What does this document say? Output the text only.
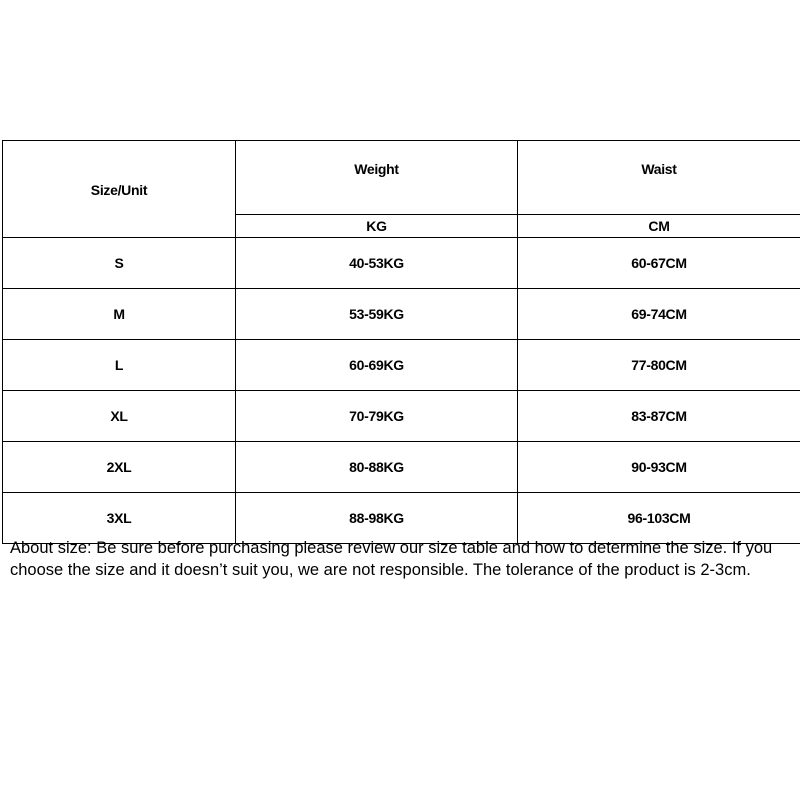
Size/Unit	Weight	Waist
	KG	CM
S	40-53KG	60-67CM
M	53-59KG	69-74CM
L	60-69KG	77-80CM
XL	70-79KG	83-87CM
2XL	80-88KG	90-93CM
3XL	88-98KG	96-103CM

About size: Be sure before purchasing please review our size table and how to determine the size. If you choose the size and it doesn’t suit you, we are not responsible. The tolerance of the product is 2-3cm.
